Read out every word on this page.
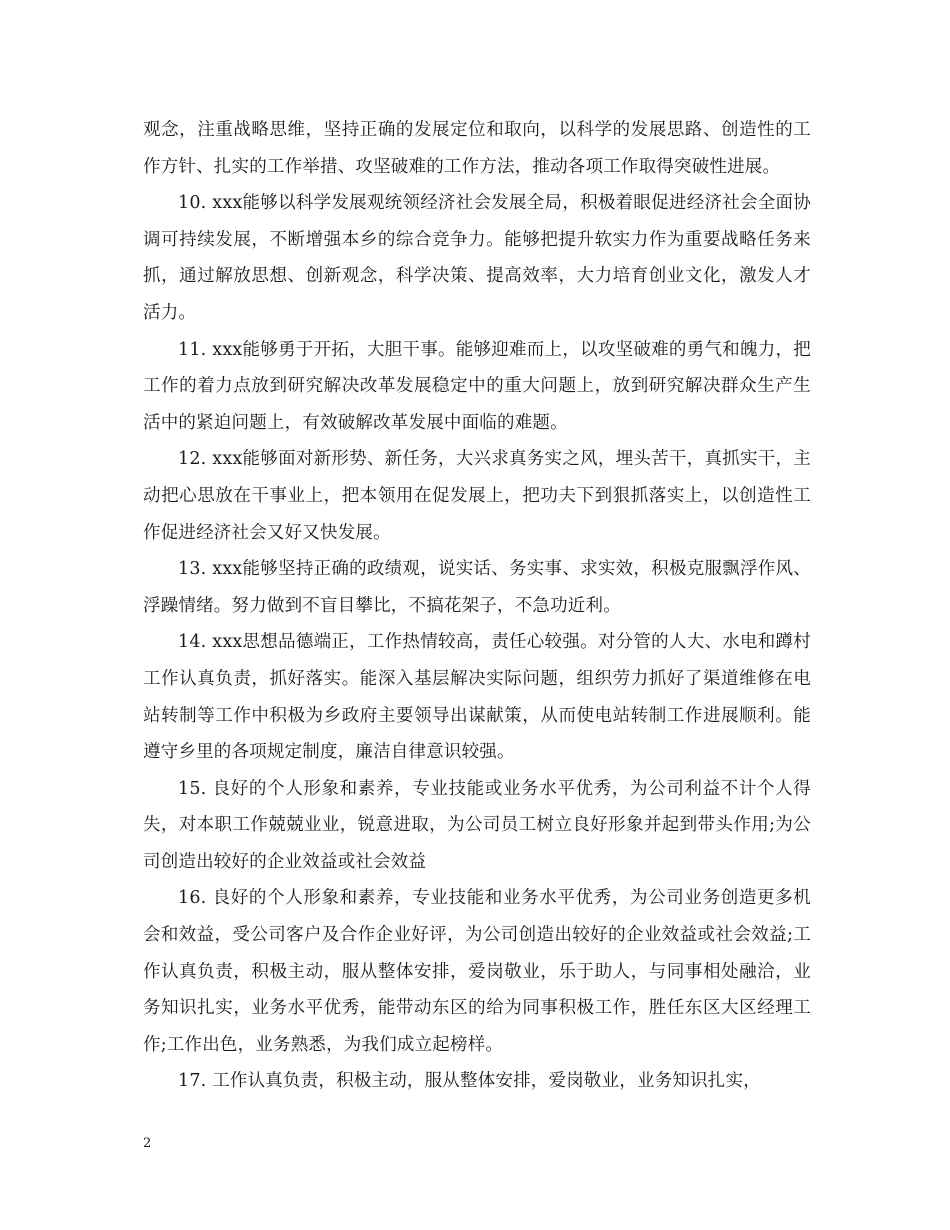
观念，注重战略思维，坚持正确的发展定位和取向，以科学的发展思路、创造性的工作方针、扎实的工作举措、攻坚破难的工作方法，推动各项工作取得突破性进展。

10. xxx能够以科学发展观统领经济社会发展全局，积极着眼促进经济社会全面协调可持续发展，不断增强本乡的综合竞争力。能够把提升软实力作为重要战略任务来抓，通过解放思想、创新观念，科学决策、提高效率，大力培育创业文化，激发人才活力。

11. xxx能够勇于开拓，大胆干事。能够迎难而上，以攻坚破难的勇气和魄力，把工作的着力点放到研究解决改革发展稳定中的重大问题上，放到研究解决群众生产生活中的紧迫问题上，有效破解改革发展中面临的难题。

12. xxx能够面对新形势、新任务，大兴求真务实之风，埋头苦干，真抓实干，主动把心思放在干事业上，把本领用在促发展上，把功夫下到狠抓落实上，以创造性工作促进经济社会又好又快发展。

13. xxx能够坚持正确的政绩观，说实话、务实事、求实效，积极克服飘浮作风、浮躁情绪。努力做到不盲目攀比，不搞花架子，不急功近利。

14. xxx思想品德端正，工作热情较高，责任心较强。对分管的人大、水电和蹲村工作认真负责，抓好落实。能深入基层解决实际问题，组织劳力抓好了渠道维修在电站转制等工作中积极为乡政府主要领导出谋献策，从而使电站转制工作进展顺利。能遵守乡里的各项规定制度，廉洁自律意识较强。

15. 良好的个人形象和素养，专业技能或业务水平优秀，为公司利益不计个人得失，对本职工作兢兢业业，锐意进取，为公司员工树立良好形象并起到带头作用;为公司创造出较好的企业效益或社会效益

16. 良好的个人形象和素养，专业技能和业务水平优秀，为公司业务创造更多机会和效益，受公司客户及合作企业好评，为公司创造出较好的企业效益或社会效益;工作认真负责，积极主动，服从整体安排，爱岗敬业，乐于助人，与同事相处融洽，业务知识扎实，业务水平优秀，能带动东区的给为同事积极工作，胜任东区大区经理工作;工作出色，业务熟悉，为我们成立起榜样。

17. 工作认真负责，积极主动，服从整体安排，爱岗敬业，业务知识扎实，

2
